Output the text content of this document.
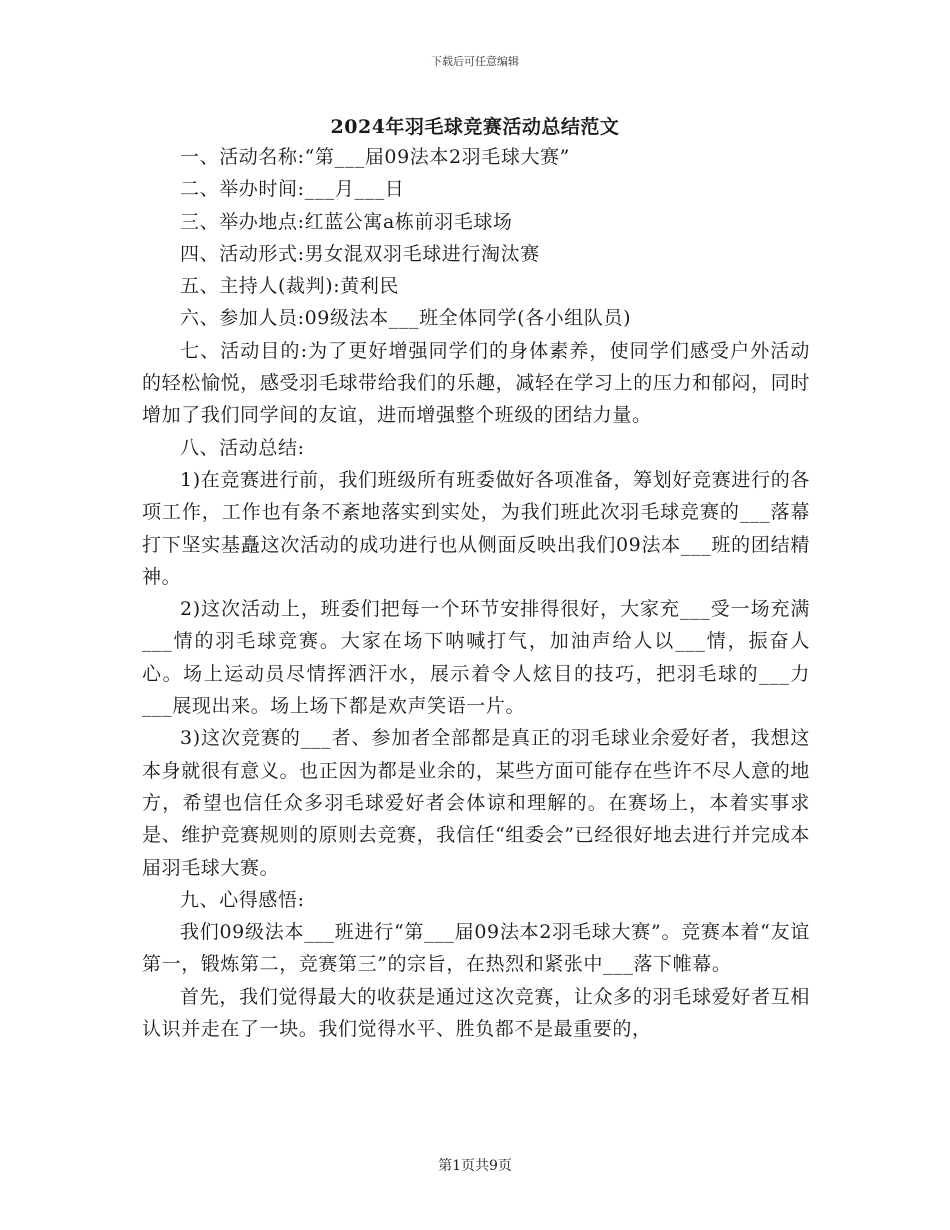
下载后可任意编辑
2024年羽毛球竞赛活动总结范文

一、活动名称:“第___届09法本2羽毛球大赛”

二、举办时间:___月___日

三、举办地点:红蓝公寓a栋前羽毛球场

四、活动形式:男女混双羽毛球进行淘汰赛

五、主持人(裁判):黄利民

六、参加人员:09级法本___班全体同学(各小组队员)

七、活动目的:为了更好增强同学们的身体素养，使同学们感受户外活动的轻松愉悦，感受羽毛球带给我们的乐趣，减轻在学习上的压力和郁闷，同时增加了我们同学间的友谊，进而增强整个班级的团结力量。

八、活动总结:

1)在竞赛进行前，我们班级所有班委做好各项准备，筹划好竞赛进行的各项工作，工作也有条不紊地落实到实处，为我们班此次羽毛球竞赛的___落幕打下坚实基矗这次活动的成功进行也从侧面反映出我们09法本___班的团结精神。

2)这次活动上，班委们把每一个环节安排得很好，大家充___受一场充满___情的羽毛球竞赛。大家在场下呐喊打气，加油声给人以___情，振奋人心。场上运动员尽情挥洒汗水，展示着令人炫目的技巧，把羽毛球的___力___展现出来。场上场下都是欢声笑语一片。

3)这次竞赛的___者、参加者全部都是真正的羽毛球业余爱好者，我想这本身就很有意义。也正因为都是业余的，某些方面可能存在些许不尽人意的地方，希望也信任众多羽毛球爱好者会体谅和理解的。在赛场上，本着实事求是、维护竞赛规则的原则去竞赛，我信任“组委会”已经很好地去进行并完成本届羽毛球大赛。

九、心得感悟:

我们09级法本___班进行“第___届09法本2羽毛球大赛”。竞赛本着“友谊第一，锻炼第二，竞赛第三”的宗旨，在热烈和紧张中___落下帷幕。

首先，我们觉得最大的收获是通过这次竞赛，让众多的羽毛球爱好者互相认识并走在了一块。我们觉得水平、胜负都不是最重要的，

第1页共9页
